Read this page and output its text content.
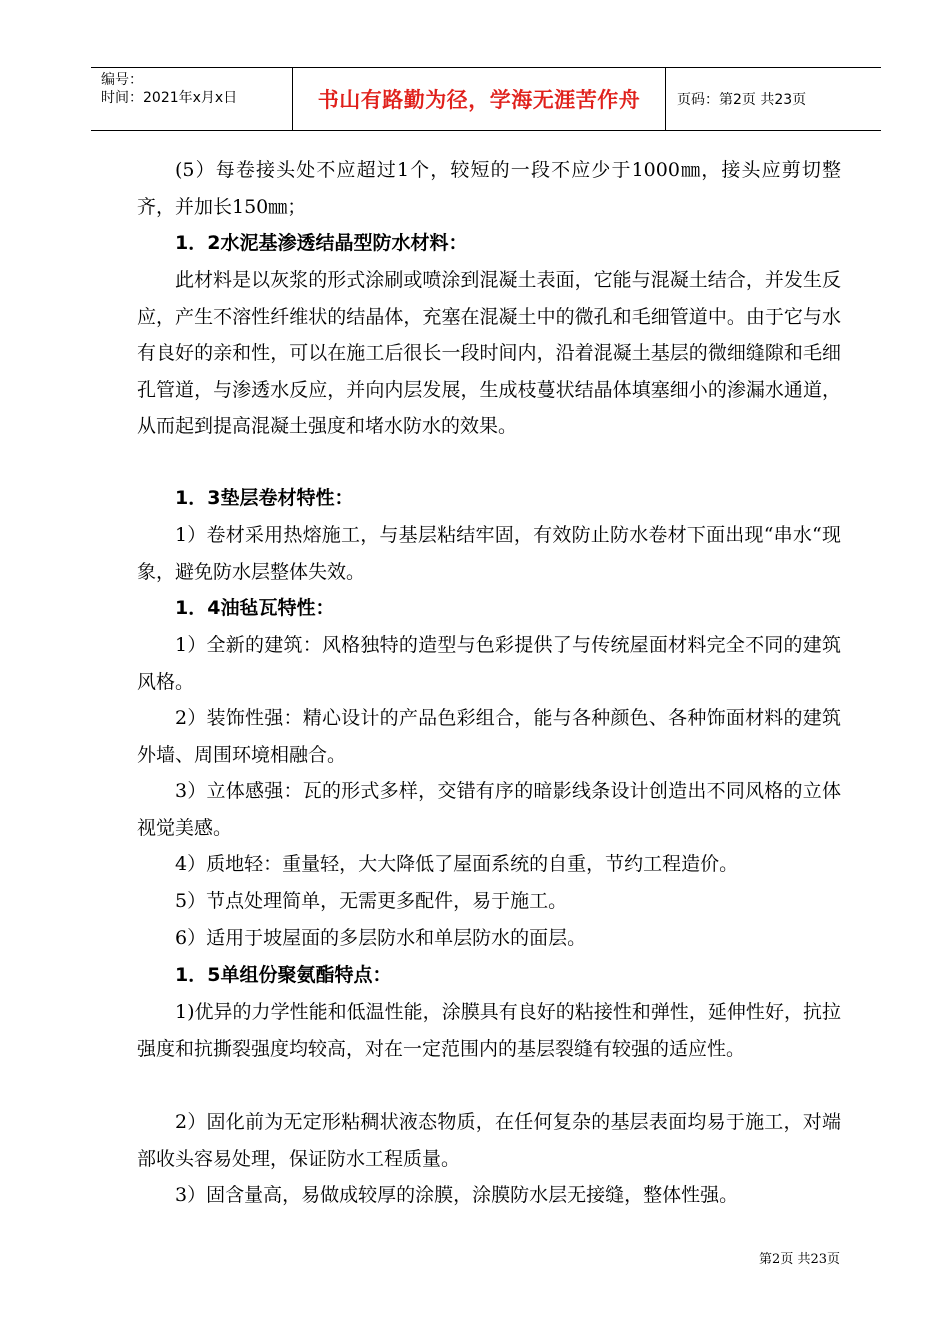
编号：
时间：2021年x月x日	书山有路勤为径，学海无涯苦作舟	页码：第2页 共23页

(5）每卷接头处不应超过1个，较短的一段不应少于1000㎜，接头应剪切整齐，并加长150㎜；

1．2水泥基渗透结晶型防水材料：

此材料是以灰浆的形式涂刷或喷涂到混凝土表面，它能与混凝土结合，并发生反应，产生不溶性纤维状的结晶体，充塞在混凝土中的微孔和毛细管道中。由于它与水有良好的亲和性，可以在施工后很长一段时间内，沿着混凝土基层的微细缝隙和毛细孔管道，与渗透水反应，并向内层发展，生成枝蔓状结晶体填塞细小的渗漏水通道，从而起到提高混凝土强度和堵水防水的效果。

1．3垫层卷材特性：

1）卷材采用热熔施工，与基层粘结牢固，有效防止防水卷材下面出现“串水“现象，避免防水层整体失效。

1．4油毡瓦特性：

1）全新的建筑：风格独特的造型与色彩提供了与传统屋面材料完全不同的建筑风格。

2）装饰性强：精心设计的产品色彩组合，能与各种颜色、各种饰面材料的建筑外墙、周围环境相融合。

3）立体感强：瓦的形式多样，交错有序的暗影线条设计创造出不同风格的立体视觉美感。

4）质地轻：重量轻，大大降低了屋面系统的自重，节约工程造价。

5）节点处理简单，无需更多配件，易于施工。

6）适用于坡屋面的多层防水和单层防水的面层。

1．5单组份聚氨酯特点：

1)优异的力学性能和低温性能，涂膜具有良好的粘接性和弹性，延伸性好，抗拉强度和抗撕裂强度均较高，对在一定范围内的基层裂缝有较强的适应性。

2）固化前为无定形粘稠状液态物质，在任何复杂的基层表面均易于施工，对端部收头容易处理，保证防水工程质量。

3）固含量高，易做成较厚的涂膜，涂膜防水层无接缝，整体性强。

第2页 共23页
